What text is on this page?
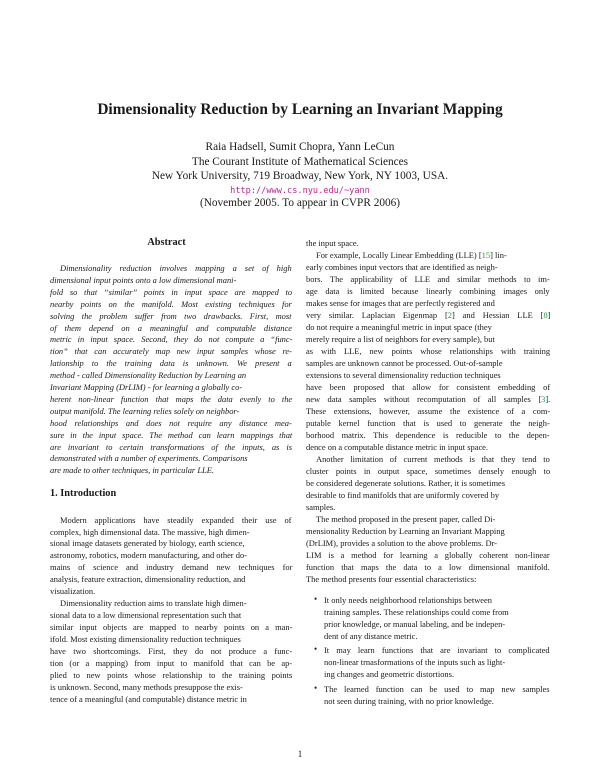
Dimensionality Reduction by Learning an Invariant Mapping
Raia Hadsell, Sumit Chopra, Yann LeCun
The Courant Institute of Mathematical Sciences
New York University, 719 Broadway, New York, NY 1003, USA.
http://www.cs.nyu.edu/~yann
(November 2005. To appear in CVPR 2006)
Abstract
Dimensionality reduction involves mapping a set of high
dimensional input points onto a low dimensional mani-
fold so that “similar” points in input space are mapped to
nearby points on the manifold. Most existing techniques for
solving the problem suffer from two drawbacks. First, most
of them depend on a meaningful and computable distance
metric in input space. Second, they do not compute a “func-
tion” that can accurately map new input samples whose re-
lationship to the training data is unknown. We present a
method - called Dimensionality Reduction by Learning an
Invariant Mapping (DrLIM) - for learning a globally co-
herent non-linear function that maps the data evenly to the
output manifold. The learning relies solely on neighbor-
hood relationships and does not require any distance mea-
sure in the input space. The method can learn mappings that
are invariant to certain transformations of the inputs, as is
demonstrated with a number of experiments. Comparisons
are made to other techniques, in particular LLE.
1. Introduction
Modern applications have steadily expanded their use of
complex, high dimensional data. The massive, high dimen-
sional image datasets generated by biology, earth science,
astronomy, robotics, modern manufacturing, and other do-
mains of science and industry demand new techniques for
analysis, feature extraction, dimensionality reduction, and
visualization.
Dimensionality reduction aims to translate high dimen-
sional data to a low dimensional representation such that
similar input objects are mapped to nearby points on a man-
ifold. Most existing dimensionality reduction techniques
have two shortcomings. First, they do not produce a func-
tion (or a mapping) from input to manifold that can be ap-
plied to new points whose relationship to the training points
is unknown. Second, many methods presuppose the exis-
tence of a meaningful (and computable) distance metric in
the input space.
For example, Locally Linear Embedding (LLE) [15] lin-
early combines input vectors that are identified as neigh-
bors. The applicability of LLE and similar methods to im-
age data is limited because linearly combining images only
makes sense for images that are perfectly registered and
very similar. Laplacian Eigenmap [2] and Hessian LLE [8]
do not require a meaningful metric in input space (they
merely require a list of neighbors for every sample), but
as with LLE, new points whose relationships with training
samples are unknown cannot be processed. Out-of-sample
extensions to several dimensionality reduction techniques
have been proposed that allow for consistent embedding of
new data samples without recomputation of all samples [3].
These extensions, however, assume the existence of a com-
putable kernel function that is used to generate the neigh-
borhood matrix. This dependence is reducible to the depen-
dence on a computable distance metric in input space.
Another limitation of current methods is that they tend to
cluster points in output space, sometimes densely enough to
be considered degenerate solutions. Rather, it is sometimes
desirable to find manifolds that are uniformly covered by
samples.
The method proposed in the present paper, called Di-
mensionality Reduction by Learning an Invariant Mapping
(DrLIM), provides a solution to the above problems. Dr-
LIM is a method for learning a globally coherent non-linear
function that maps the data to a low dimensional manifold.
The method presents four essential characteristics:
• It only needs neighborhood relationships between
training samples. These relationships could come from
prior knowledge, or manual labeling, and be indepen-
dent of any distance metric.
• It may learn functions that are invariant to complicated
non-linear trnasformations of the inputs such as light-
ing changes and geometric distortions.
• The learned function can be used to map new samples
not seen during training, with no prior knowledge.
1
